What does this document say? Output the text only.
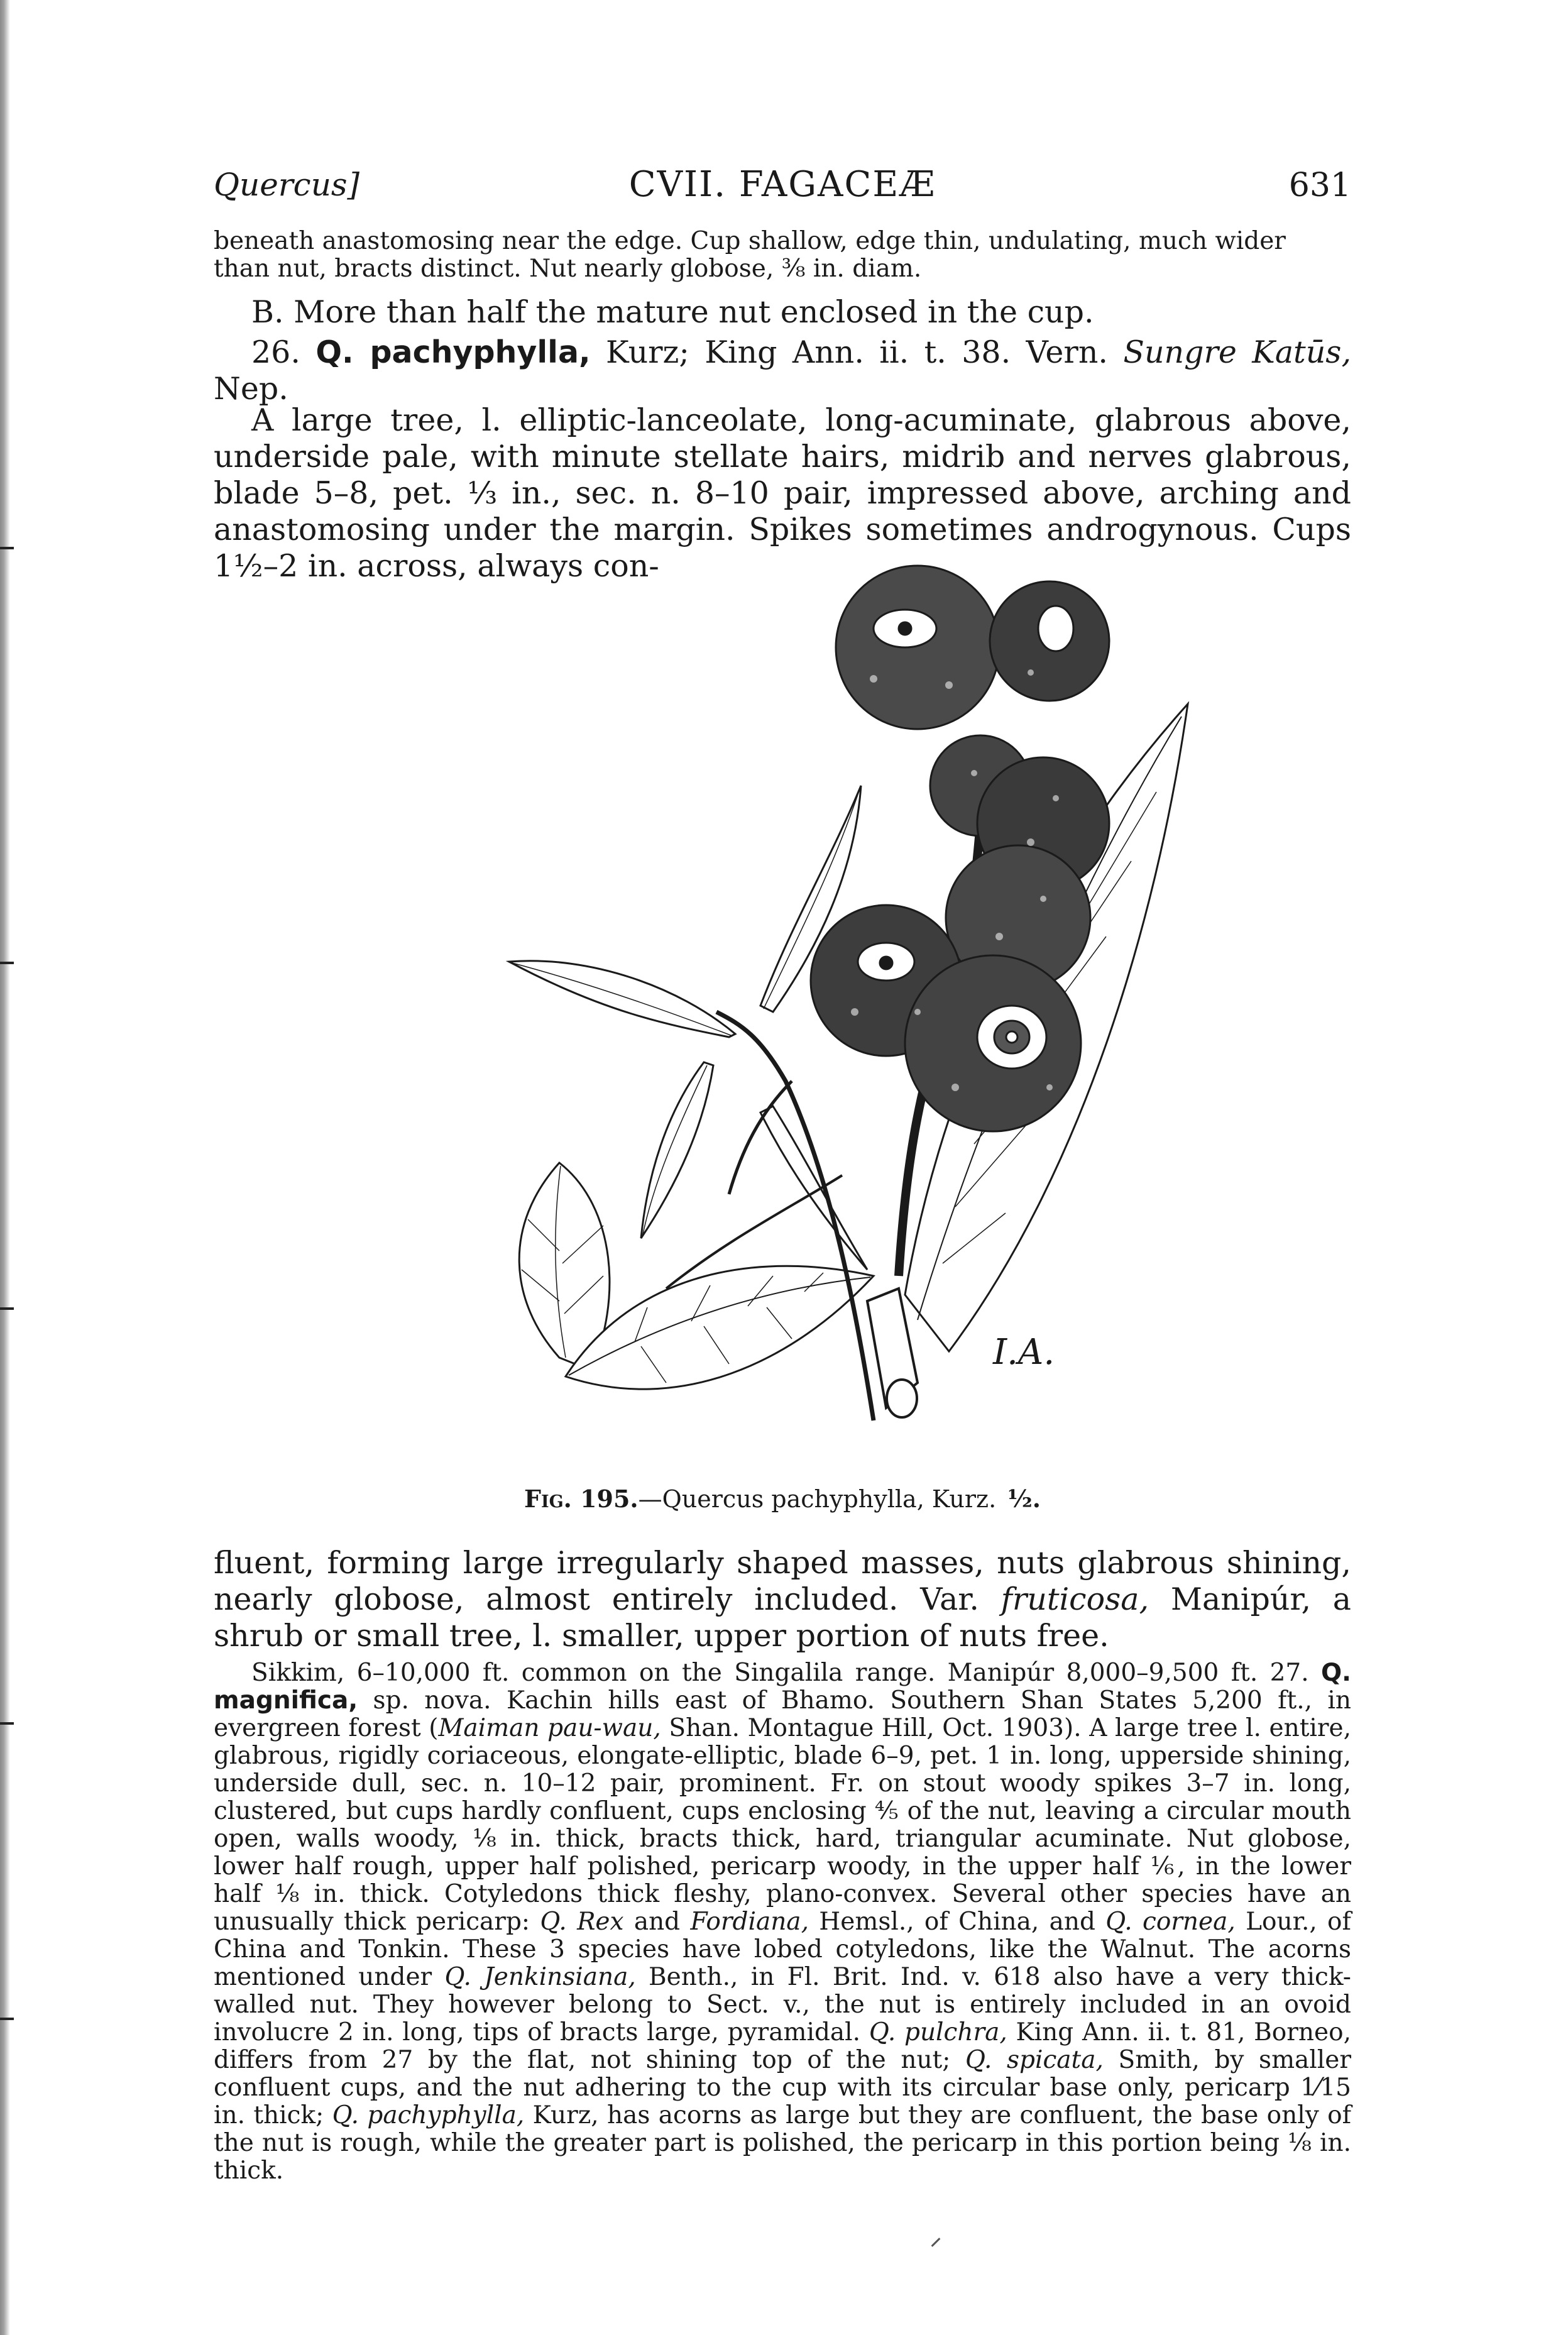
Quercus]	CVII. FAGACEÆ	631

beneath anastomosing near the edge. Cup shallow, edge thin, undulating, much wider

than nut, bracts distinct. Nut nearly globose, ⅜ in. diam.

B. More than half the mature nut enclosed in the cup.

26. Q. pachyphylla, Kurz; King Ann. ii. t. 38. Vern. Sungre Katūs, Nep.

A large tree, l. elliptic-lanceolate, long-acuminate, glabrous above, underside pale, with minute stellate hairs, midrib and nerves glabrous, blade 5–8, pet. ⅓ in., sec. n. 8–10 pair, impressed above, arching and anastomosing under the margin. Spikes sometimes androgynous. Cups 1½–2 in. across, always con-

I.A.
Fig. 195.—Quercus pachyphylla, Kurz. ½.

fluent, forming large irregularly shaped masses, nuts glabrous shining, nearly globose, almost entirely included. Var. fruticosa, Manipúr, a shrub or small tree, l. smaller, upper portion of nuts free.

Sikkim, 6–10,000 ft. common on the Singalila range. Manipúr 8,000–9,500 ft. 27. Q. magnifica, sp. nova. Kachin hills east of Bhamo. Southern Shan States 5,200 ft., in evergreen forest (Maiman pau-wau, Shan. Montague Hill, Oct. 1903). A large tree l. entire, glabrous, rigidly coriaceous, elongate-elliptic, blade 6–9, pet. 1 in. long, upperside shining, underside dull, sec. n. 10–12 pair, prominent. Fr. on stout woody spikes 3–7 in. long, clustered, but cups hardly confluent, cups enclosing ⅘ of the nut, leaving a circular mouth open, walls woody, ⅛ in. thick, bracts thick, hard, triangular acuminate. Nut globose, lower half rough, upper half polished, pericarp woody, in the upper half ⅙, in the lower half ⅛ in. thick. Cotyledons thick fleshy, plano-convex. Several other species have an unusually thick pericarp: Q. Rex and Fordiana, Hemsl., of China, and Q. cornea, Lour., of China and Tonkin. These 3 species have lobed cotyledons, like the Walnut. The acorns mentioned under Q. Jenkinsiana, Benth., in Fl. Brit. Ind. v. 618 also have a very thick-walled nut. They however belong to Sect. v., the nut is entirely included in an ovoid involucre 2 in. long, tips of bracts large, pyramidal. Q. pulchra, King Ann. ii. t. 81, Borneo, differs from 27 by the flat, not shining top of the nut; Q. spicata, Smith, by smaller confluent cups, and the nut adhering to the cup with its circular base only, pericarp 1⁄15 in. thick; Q. pachyphylla, Kurz, has acorns as large but they are confluent, the base only of the nut is rough, while the greater part is polished, the pericarp in this portion being ⅛ in. thick.
